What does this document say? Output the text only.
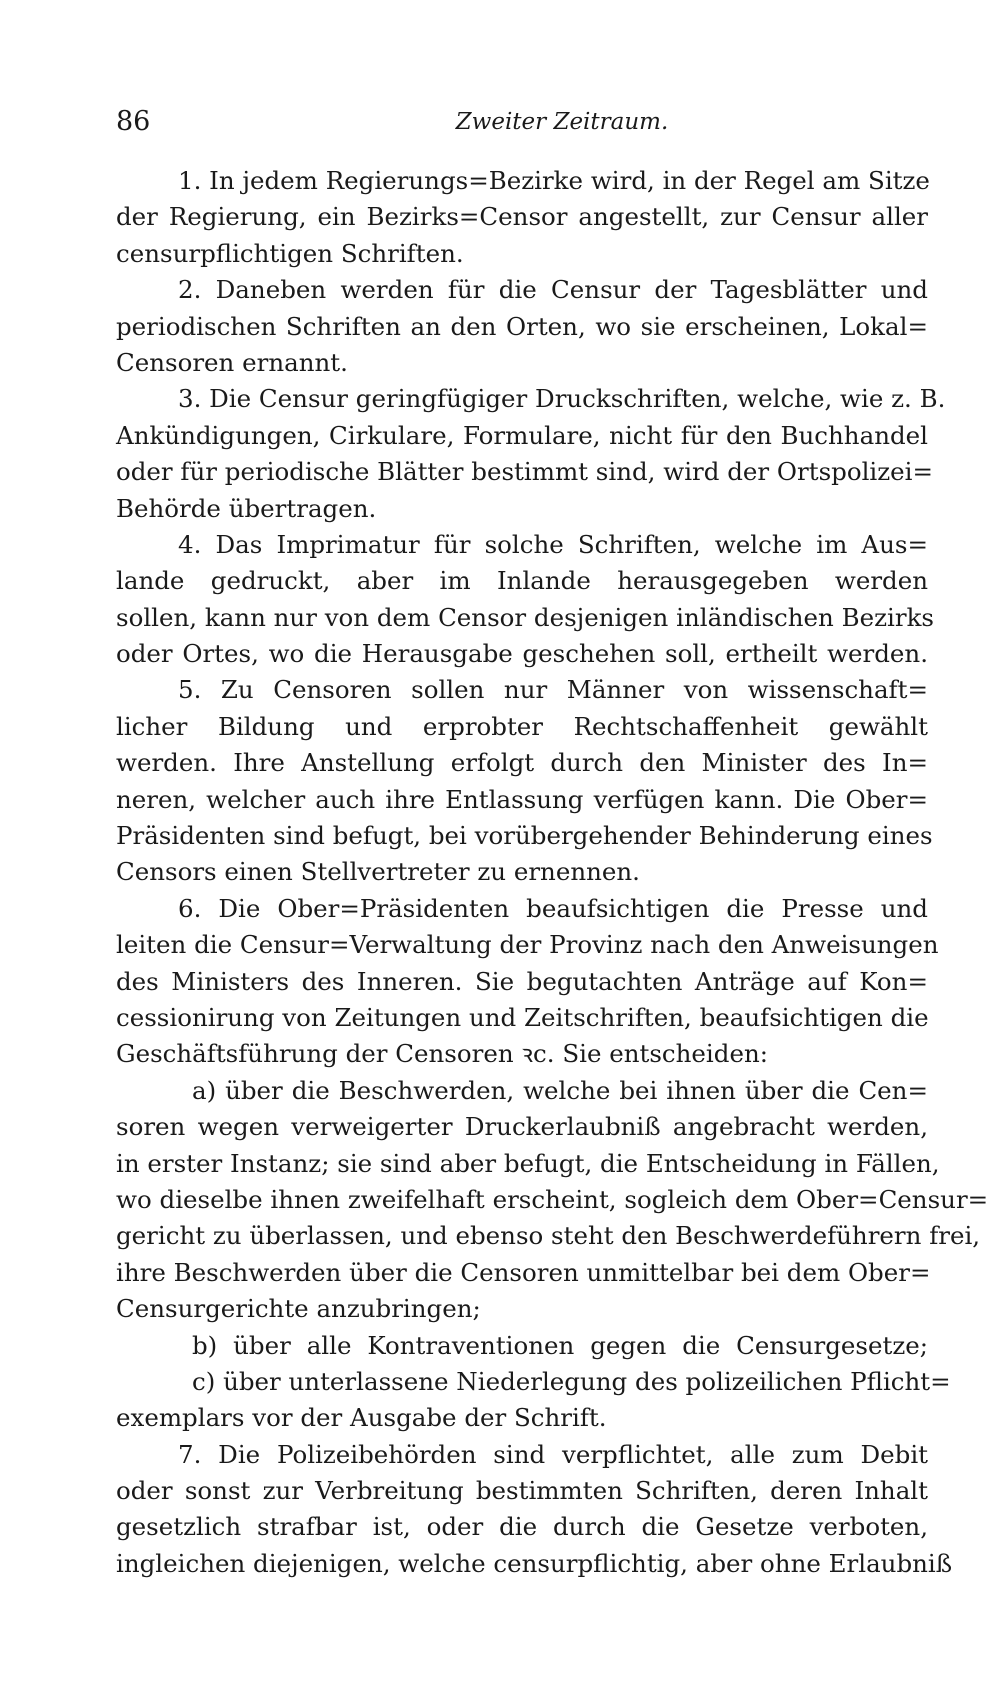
86	Zweiter Zeitraum.
1. In jedem Regierungs=Bezirke wird, in der Regel am Sitze
der Regierung, ein Bezirks=Censor angestellt, zur Censur aller
censurpflichtigen Schriften.
2. Daneben werden für die Censur der Tagesblätter und
periodischen Schriften an den Orten, wo sie erscheinen, Lokal=
Censoren ernannt.
3. Die Censur geringfügiger Druckschriften, welche, wie z. B.
Ankündigungen, Cirkulare, Formulare, nicht für den Buchhandel
oder für periodische Blätter bestimmt sind, wird der Ortspolizei=
Behörde übertragen.
4. Das Imprimatur für solche Schriften, welche im Aus=
lande gedruckt, aber im Inlande herausgegeben werden
sollen, kann nur von dem Censor desjenigen inländischen Bezirks
oder Ortes, wo die Herausgabe geschehen soll, ertheilt werden.
5. Zu Censoren sollen nur Männer von wissenschaft=
licher Bildung und erprobter Rechtschaffenheit gewählt
werden. Ihre Anstellung erfolgt durch den Minister des In=
neren, welcher auch ihre Entlassung verfügen kann. Die Ober=
Präsidenten sind befugt, bei vorübergehender Behinderung eines
Censors einen Stellvertreter zu ernennen.
6. Die Ober=Präsidenten beaufsichtigen die Presse und
leiten die Censur=Verwaltung der Provinz nach den Anweisungen
des Ministers des Inneren. Sie begutachten Anträge auf Kon=
cessionirung von Zeitungen und Zeitschriften, beaufsichtigen die
Geschäftsführung der Censoren ꝛc. Sie entscheiden:
a) über die Beschwerden, welche bei ihnen über die Cen=
soren wegen verweigerter Druckerlaubniß angebracht werden,
in erster Instanz; sie sind aber befugt, die Entscheidung in Fällen,
wo dieselbe ihnen zweifelhaft erscheint, sogleich dem Ober=Censur=
gericht zu überlassen, und ebenso steht den Beschwerdeführern frei,
ihre Beschwerden über die Censoren unmittelbar bei dem Ober=
Censurgerichte anzubringen;
b) über alle Kontraventionen gegen die Censurgesetze;
c) über unterlassene Niederlegung des polizeilichen Pflicht=
exemplars vor der Ausgabe der Schrift.
7. Die Polizeibehörden sind verpflichtet, alle zum Debit
oder sonst zur Verbreitung bestimmten Schriften, deren Inhalt
gesetzlich strafbar ist, oder die durch die Gesetze verboten,
ingleichen diejenigen, welche censurpflichtig, aber ohne Erlaubniß
